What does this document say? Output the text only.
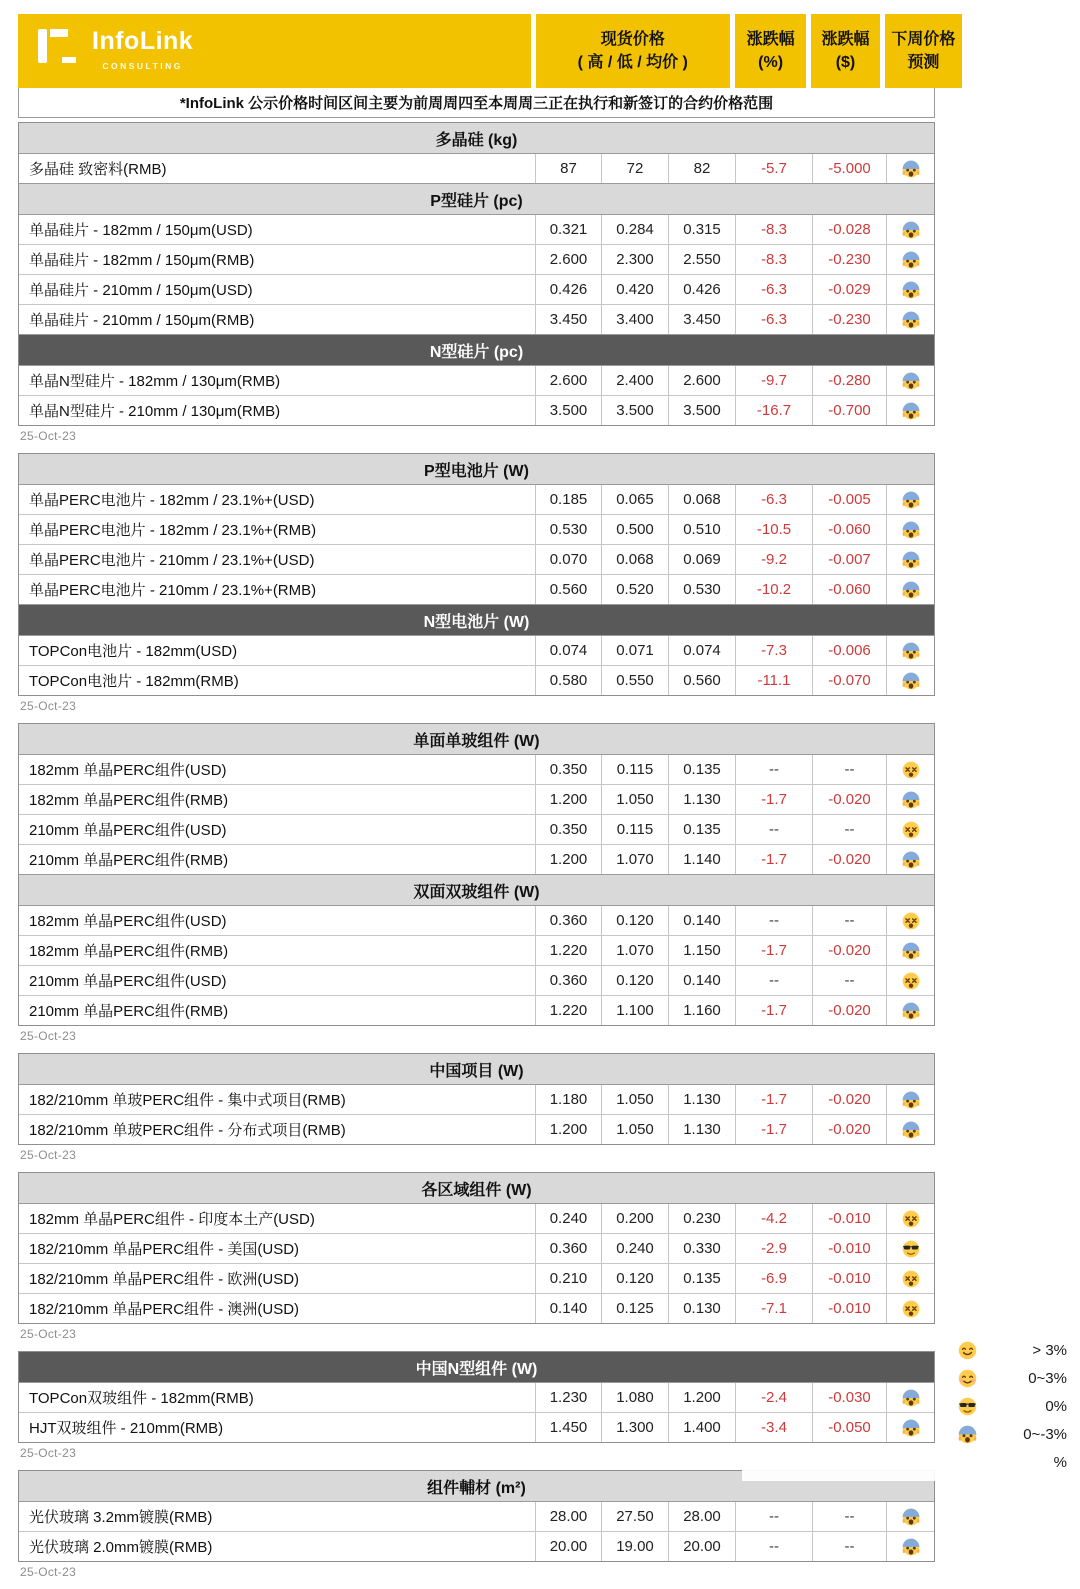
InfoLink
CONSULTING
现货价格
( 高 / 低 / 均价 )
涨跌幅
(%)
涨跌幅
($)
下周价格
预测
*InfoLink 公示价格时间区间主要为前周周四至本周周三正在执行和新签订的合约价格范围
多晶硅 (kg)
多晶硅 致密料(RMB)	87	72	82	-5.7	-5.000
P型硅片 (pc)
单晶硅片 - 182mm / 150μm(USD)	0.321	0.284	0.315	-8.3	-0.028
单晶硅片 - 182mm / 150μm(RMB)	2.600	2.300	2.550	-8.3	-0.230
单晶硅片 - 210mm / 150μm(USD)	0.426	0.420	0.426	-6.3	-0.029
单晶硅片 - 210mm / 150μm(RMB)	3.450	3.400	3.450	-6.3	-0.230
N型硅片 (pc)
单晶N型硅片 - 182mm / 130μm(RMB)	2.600	2.400	2.600	-9.7	-0.280
单晶N型硅片 - 210mm / 130μm(RMB)	3.500	3.500	3.500	-16.7	-0.700
25-Oct-23
P型电池片 (W)
单晶PERC电池片 - 182mm / 23.1%+(USD)	0.185	0.065	0.068	-6.3	-0.005
单晶PERC电池片 - 182mm / 23.1%+(RMB)	0.530	0.500	0.510	-10.5	-0.060
单晶PERC电池片 - 210mm / 23.1%+(USD)	0.070	0.068	0.069	-9.2	-0.007
单晶PERC电池片 - 210mm / 23.1%+(RMB)	0.560	0.520	0.530	-10.2	-0.060
N型电池片 (W)
TOPCon电池片 - 182mm(USD)	0.074	0.071	0.074	-7.3	-0.006
TOPCon电池片 - 182mm(RMB)	0.580	0.550	0.560	-11.1	-0.070
25-Oct-23
单面单玻组件 (W)
182mm 单晶PERC组件(USD)	0.350	0.115	0.135	--	--
182mm 单晶PERC组件(RMB)	1.200	1.050	1.130	-1.7	-0.020
210mm 单晶PERC组件(USD)	0.350	0.115	0.135	--	--
210mm 单晶PERC组件(RMB)	1.200	1.070	1.140	-1.7	-0.020
双面双玻组件 (W)
182mm 单晶PERC组件(USD)	0.360	0.120	0.140	--	--
182mm 单晶PERC组件(RMB)	1.220	1.070	1.150	-1.7	-0.020
210mm 单晶PERC组件(USD)	0.360	0.120	0.140	--	--
210mm 单晶PERC组件(RMB)	1.220	1.100	1.160	-1.7	-0.020
25-Oct-23
中国项目 (W)
182/210mm 单玻PERC组件 - 集中式项目(RMB)	1.180	1.050	1.130	-1.7	-0.020
182/210mm 单玻PERC组件 - 分布式项目(RMB)	1.200	1.050	1.130	-1.7	-0.020
25-Oct-23
各区域组件 (W)
182mm 单晶PERC组件 - 印度本土产(USD)	0.240	0.200	0.230	-4.2	-0.010
182/210mm 单晶PERC组件 - 美国(USD)	0.360	0.240	0.330	-2.9	-0.010
182/210mm 单晶PERC组件 - 欧洲(USD)	0.210	0.120	0.135	-6.9	-0.010
182/210mm 单晶PERC组件 - 澳洲(USD)	0.140	0.125	0.130	-7.1	-0.010
25-Oct-23
中国N型组件 (W)
TOPCon双玻组件 - 182mm(RMB)	1.230	1.080	1.200	-2.4	-0.030
HJT双玻组件 - 210mm(RMB)	1.450	1.300	1.400	-3.4	-0.050
25-Oct-23
组件輔材 (m²)
光伏玻璃 3.2mm镀膜(RMB)	28.00	27.50	28.00	--	--
光伏玻璃 2.0mm镀膜(RMB)	20.00	19.00	20.00	--	--
25-Oct-23
> 3%
0~3%
0%
0~-3%
%
